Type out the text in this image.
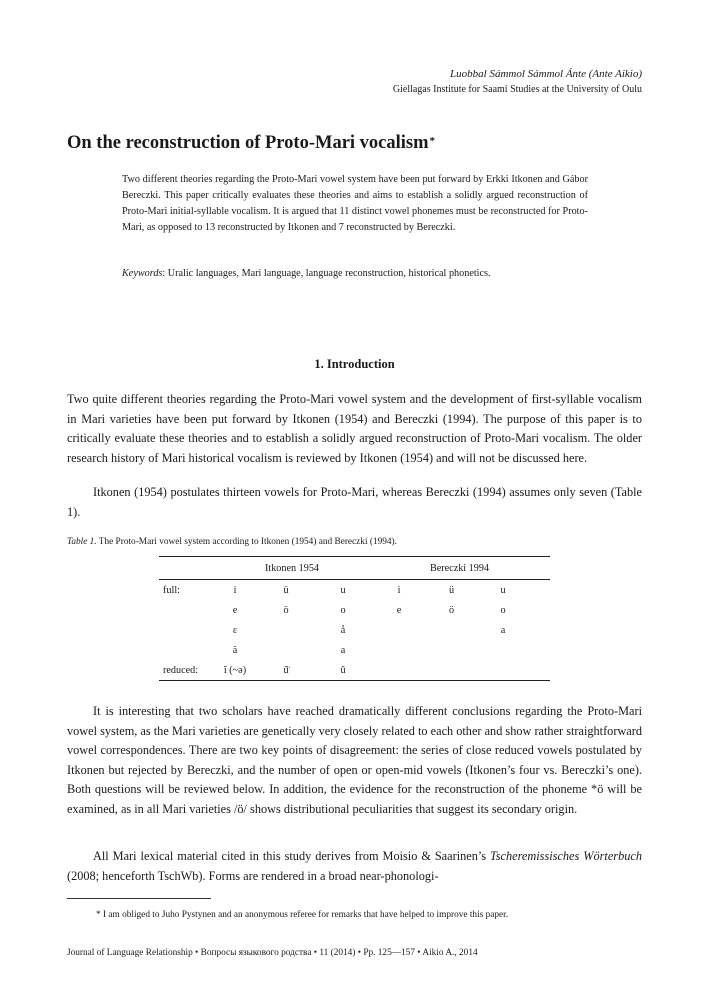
Luobbal Sámmol Sámmol Ánte (Ante Aikio)
Giellagas Institute for Saami Studies at the University of Oulu
On the reconstruction of Proto-Mari vocalism*
Two different theories regarding the Proto-Mari vowel system have been put forward by Erkki Itkonen and Gábor Bereczki. This paper critically evaluates these theories and aims to establish a solidly argued reconstruction of Proto-Mari initial-syllable vocalism. It is argued that 11 distinct vowel phonemes must be reconstructed for Proto-Mari, as opposed to 13 reconstructed by Itkonen and 7 reconstructed by Bereczki.
Keywords: Uralic languages, Mari language, language reconstruction, historical phonetics.
1. Introduction
Two quite different theories regarding the Proto-Mari vowel system and the development of first-syllable vocalism in Mari varieties have been put forward by Itkonen (1954) and Bereczki (1994). The purpose of this paper is to critically evaluate these theories and to establish a solidly argued reconstruction of Proto-Mari vocalism. The older research history of Mari historical vocalism is reviewed by Itkonen (1954) and will not be discussed here.
Itkonen (1954) postulates thirteen vowels for Proto-Mari, whereas Bereczki (1994) assumes only seven (Table 1).
Table 1. The Proto-Mari vowel system according to Itkonen (1954) and Bereczki (1994).
	Itkonen 1954			Bereczki 1994			
full:	i	ü	u	i	ü	u	
	e	ö	o	e	ö	o	
	ε		å			a	
	ä		a				
reduced:	ĭ (~ə)	ŭ̈	ŭ				
It is interesting that two scholars have reached dramatically different conclusions regarding the Proto-Mari vowel system, as the Mari varieties are genetically very closely related to each other and show rather straightforward vowel correspondences. There are two key points of disagreement: the series of close reduced vowels postulated by Itkonen but rejected by Bereczki, and the number of open or open-mid vowels (Itkonen’s four vs. Bereczki’s one). Both questions will be reviewed below. In addition, the evidence for the reconstruction of the phoneme *ö will be examined, as in all Mari varieties /ö/ shows distributional peculiarities that suggest its secondary origin.
All Mari lexical material cited in this study derives from Moisio & Saarinen’s Tscheremissisches Wörterbuch (2008; henceforth TschWb). Forms are rendered in a broad near-phonologi-
* I am obliged to Juho Pystynen and an anonymous referee for remarks that have helped to improve this paper.
Journal of Language Relationship • Вопросы языкового родства • 11 (2014) • Pp. 125—157 • Aikio A., 2014
